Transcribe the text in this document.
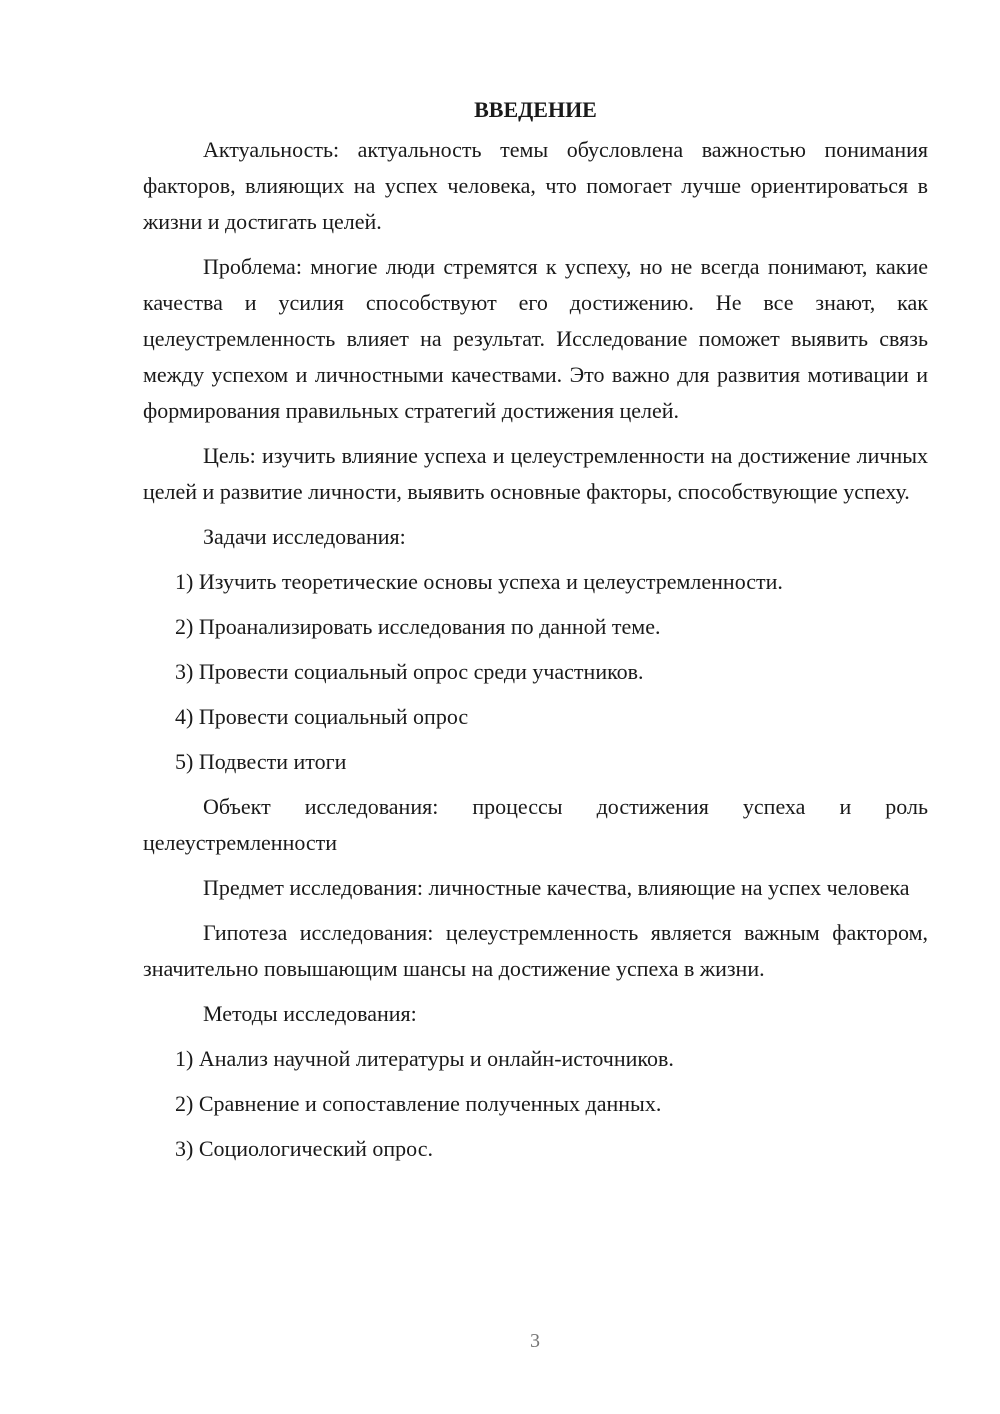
ВВЕДЕНИЕ

Актуальность: актуальность темы обусловлена важностью понимания факторов, влияющих на успех человека, что помогает лучше ориентироваться в жизни и достигать целей.

Проблема: многие люди стремятся к успеху, но не всегда понимают, какие качества и усилия способствуют его достижению. Не все знают, как целеустремленность влияет на результат. Исследование поможет выявить связь между успехом и личностными качествами. Это важно для развития мотивации и формирования правильных стратегий достижения целей.

Цель: изучить влияние успеха и целеустремленности на достижение личных целей и развитие личности, выявить основные факторы, способствующие успеху.

Задачи исследования:
1) Изучить теоретические основы успеха и целеустремленности.
2) Проанализировать исследования по данной теме.
3) Провести социальный опрос среди участников.
4) Провести социальный опрос
5) Подвести итоги

Объект исследования: процессы достижения успеха и роль целеустремленности

Предмет исследования: личностные качества, влияющие на успех человека

Гипотеза исследования: целеустремленность является важным фактором, значительно повышающим шансы на достижение успеха в жизни.

Методы исследования:
1) Анализ научной литературы и онлайн-источников.
2) Сравнение и сопоставление полученных данных.
3) Социологический опрос.
3
